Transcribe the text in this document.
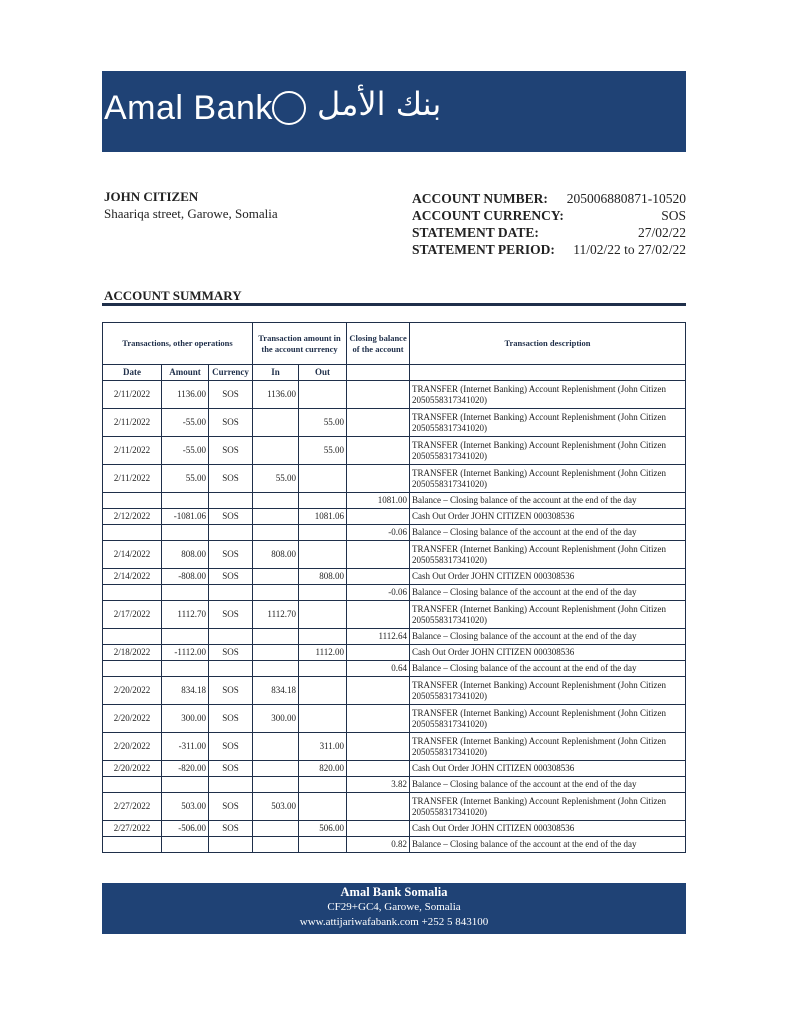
Amal Bank بنك الأمل
JOHN CITIZEN
Shaariqa street, Garowe, Somalia
ACCOUNT NUMBER: 205006880871-10520
ACCOUNT CURRENCY:	SOS
STATEMENT DATE:	27/02/22
STATEMENT PERIOD: 11/02/22 to 27/02/22
ACCOUNT SUMMARY
Transactions, other operations			Transaction amount in the account currency		Closing balance of the account	Transaction description
Date	Amount	Currency	In	Out		
2/11/2022	1136.00	SOS	1136.00			TRANSFER (Internet Banking) Account Replenishment (John Citizen 2050558317341020)
2/11/2022	-55.00	SOS		55.00		TRANSFER (Internet Banking) Account Replenishment (John Citizen 2050558317341020)
2/11/2022	-55.00	SOS		55.00		TRANSFER (Internet Banking) Account Replenishment (John Citizen 2050558317341020)
2/11/2022	55.00	SOS	55.00			TRANSFER (Internet Banking) Account Replenishment (John Citizen 2050558317341020)
					1081.00	Balance – Closing balance of the account at the end of the day
2/12/2022	-1081.06	SOS		1081.06		Cash Out Order JOHN CITIZEN 000308536
					-0.06	Balance – Closing balance of the account at the end of the day
2/14/2022	808.00	SOS	808.00			TRANSFER (Internet Banking) Account Replenishment (John Citizen 2050558317341020)
2/14/2022	-808.00	SOS		808.00		Cash Out Order JOHN CITIZEN 000308536
					-0.06	Balance – Closing balance of the account at the end of the day
2/17/2022	1112.70	SOS	1112.70			TRANSFER (Internet Banking) Account Replenishment (John Citizen 2050558317341020)
					1112.64	Balance – Closing balance of the account at the end of the day
2/18/2022	-1112.00	SOS		1112.00		Cash Out Order JOHN CITIZEN 000308536
					0.64	Balance – Closing balance of the account at the end of the day
2/20/2022	834.18	SOS	834.18			TRANSFER (Internet Banking) Account Replenishment (John Citizen 2050558317341020)
2/20/2022	300.00	SOS	300.00			TRANSFER (Internet Banking) Account Replenishment (John Citizen 2050558317341020)
2/20/2022	-311.00	SOS		311.00		TRANSFER (Internet Banking) Account Replenishment (John Citizen 2050558317341020)
2/20/2022	-820.00	SOS		820.00		Cash Out Order JOHN CITIZEN 000308536
					3.82	Balance – Closing balance of the account at the end of the day
2/27/2022	503.00	SOS	503.00			TRANSFER (Internet Banking) Account Replenishment (John Citizen 2050558317341020)
2/27/2022	-506.00	SOS		506.00		Cash Out Order JOHN CITIZEN 000308536
					0.82	Balance – Closing balance of the account at the end of the day
Amal Bank Somalia
CF29+GC4, Garowe, Somalia
www.attijariwafabank.com +252 5 843100
